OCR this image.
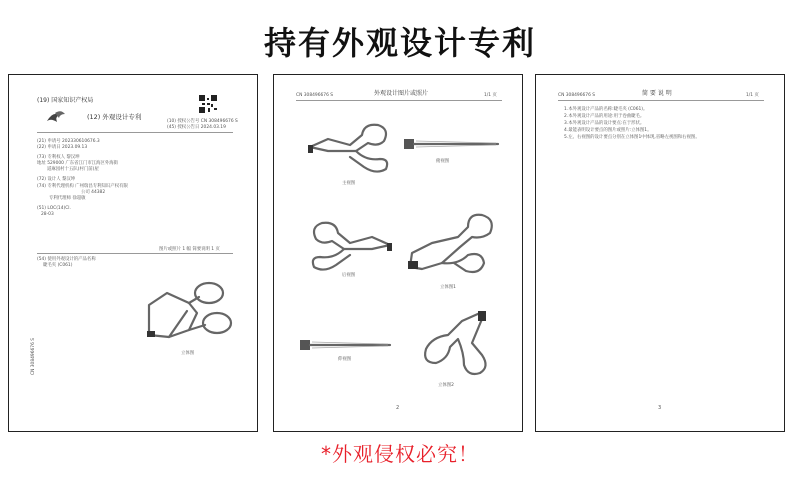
持有外观设计专利
(19) 国家知识产权局
(12) 外观设计专利
(10) 授权公告号 CN 308496676 S
(45) 授权公告日 2024.03.19
(21) 申请号 202330610676.3
(22) 申请日 2023.09.13
(73) 专利权人 黎汉坤
地址 529000 广东省江门市江海区外海街
道麻园村十五队(村门前)屋
(72) 设计人 黎汉坤
(74) 专利代理机构 广州瑞昌专利知识产权有限
公司 44382
专利代理师 徐超敏
(51) LOC(14)Cl.
28-03
图片或照片 1 幅 简要说明 1 页
(54) 使用外观设计的产品名称
睫毛夹 (C061)
立体图
CN 308496676 S
CN 308496676 S	外观设计图片或照片	1/1 页
主视图
俯视图
后视图
立体图1
仰视图
立体图2
2
CN 308496676 S	简 要 说 明	1/1 页
1.本外观设计产品的名称:睫毛夹 (C061)。
2.本外观设计产品的用途:用于卷曲睫毛。
3.本外观设计产品的设计要点:在于形状。
4.最能表明设计要点的图片或照片:立体图1。
5.左、右视图的设计要点分别在立体图1中体现,省略左视图和右视图。
3
*外观侵权必究！
